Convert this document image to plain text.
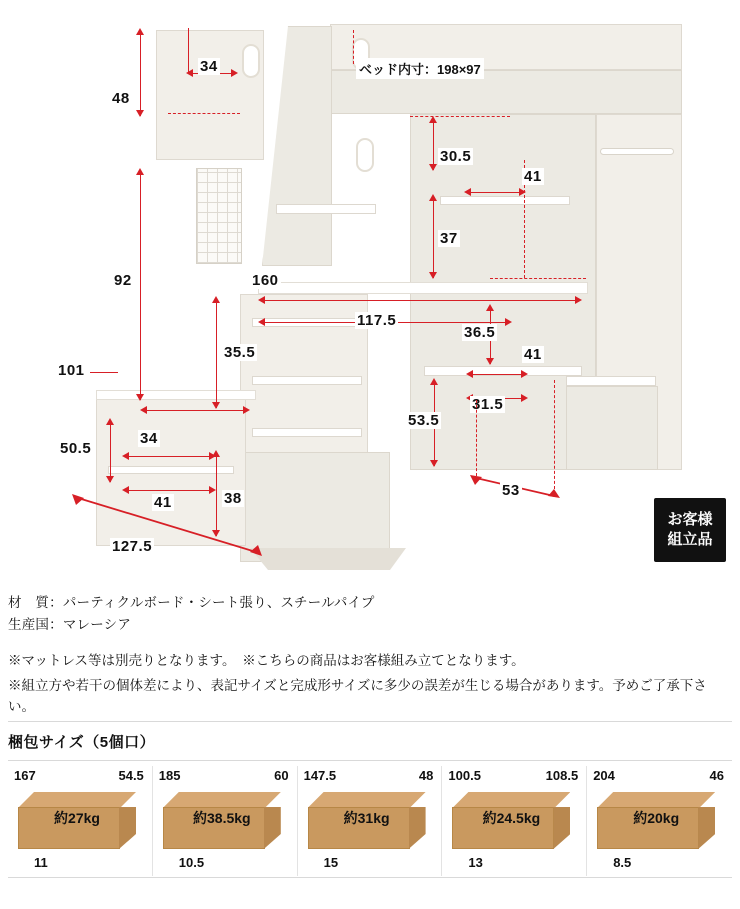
ベッド内寸：198×97
34
48
30.5
41
37
92	160
117.5
36.5
41
35.5
101
31.5
53.5
50.5
34
41	38
127.5
53
お客様
組立品
材　質：パーティクルボード・シート張り、スチールパイプ
生産国：マレーシア
※マットレス等は別売りとなります。　※こちらの商品はお客様組み立てとなります。
※組立方や若干の個体差により、表記サイズと完成形サイズに多少の誤差が生じる場合があります。予めご了承下さい。
梱包サイズ（5個口）
167	54.5
約27kg
11
185	60
約38.5kg
10.5
147.5	48
約31kg
15
100.5	108.5
約24.5kg
13
204	46
約20kg
8.5
